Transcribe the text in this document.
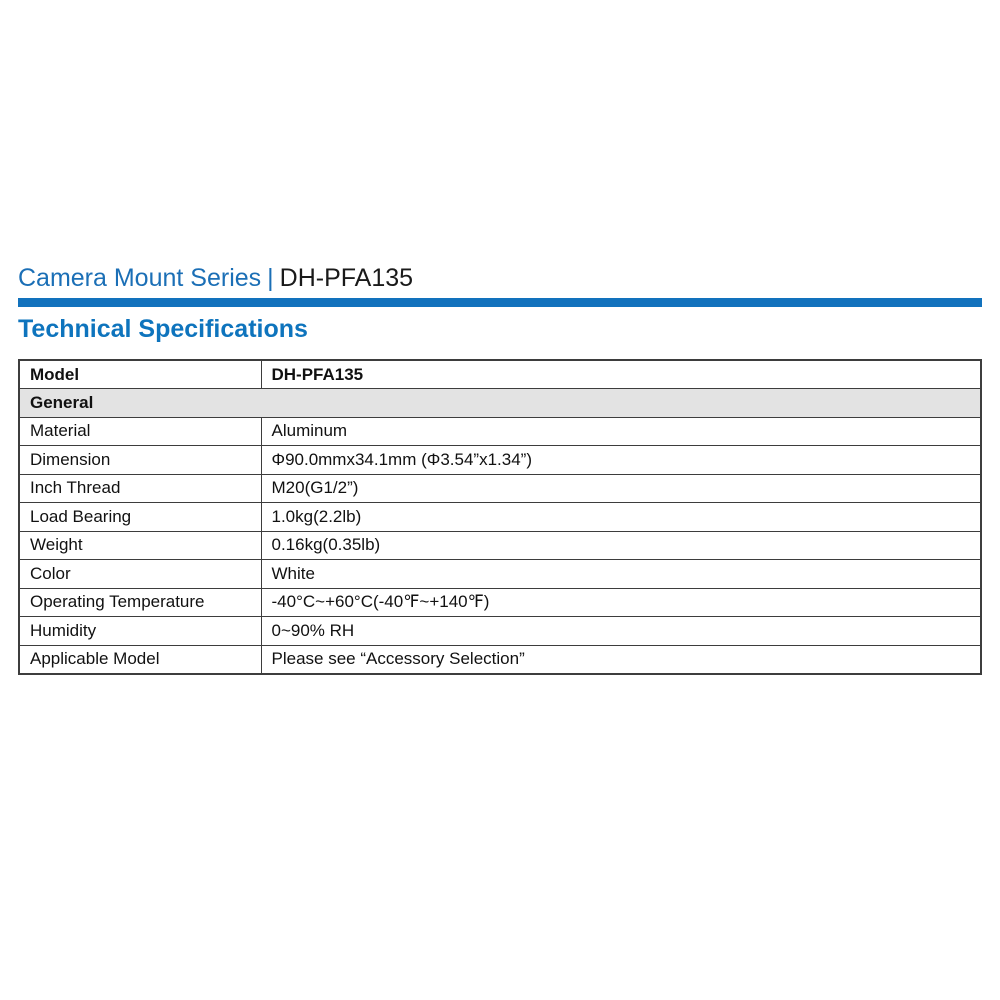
Camera Mount Series | DH-PFA135
Technical Specifications
Model	DH-PFA135
General	
Material	Aluminum
Dimension	Φ90.0mmx34.1mm (Φ3.54”x1.34”)
Inch Thread	M20(G1/2”)
Load Bearing	1.0kg(2.2lb)
Weight	0.16kg(0.35lb)
Color	White
Operating Temperature	-40°C~+60°C(-40℉~+140℉)
Humidity	0~90% RH
Applicable Model	Please see “Accessory Selection”
